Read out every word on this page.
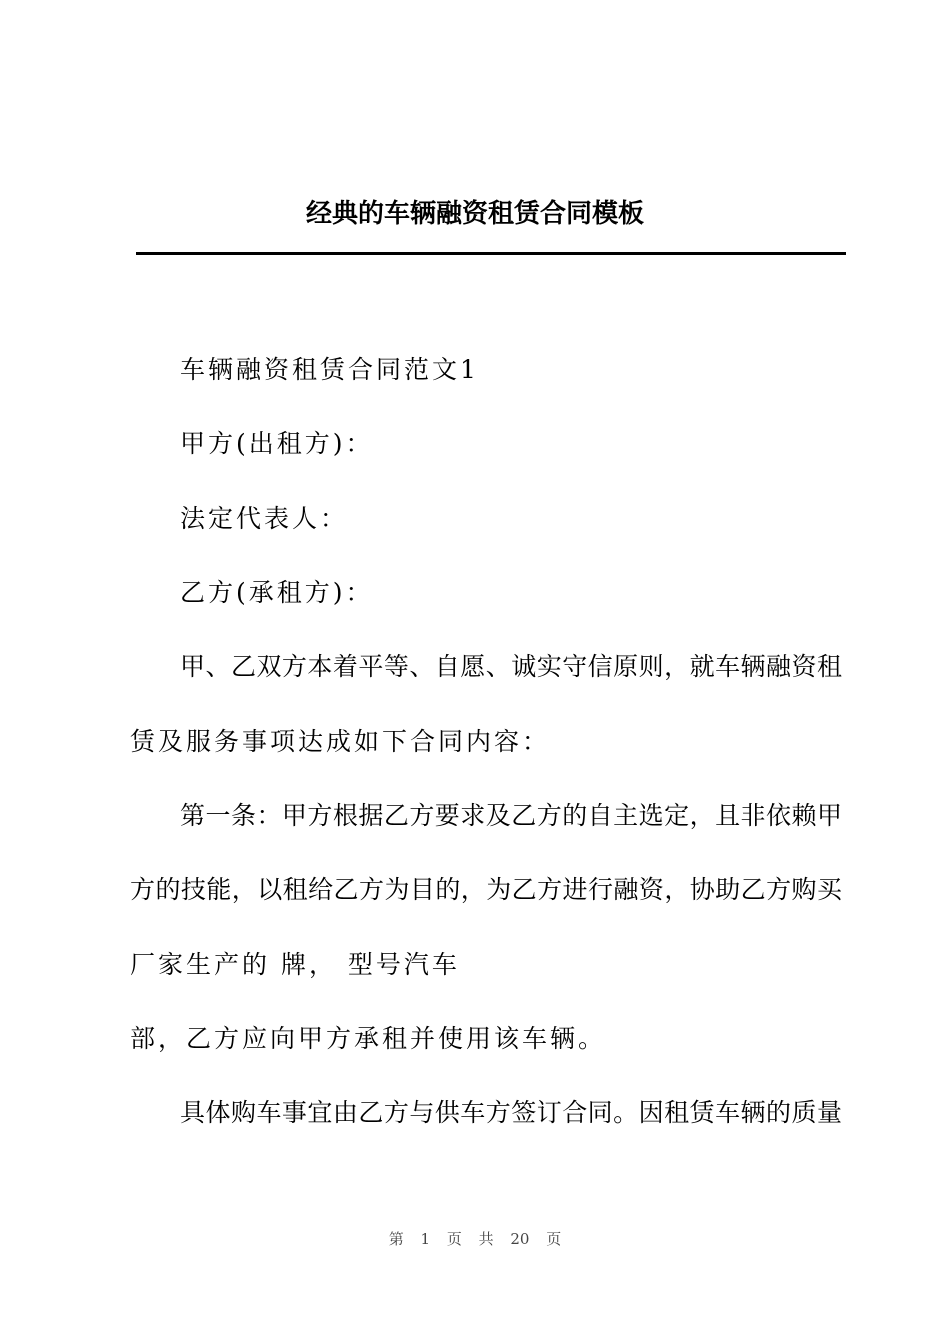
经典的车辆融资租赁合同模板
车辆融资租赁合同范文1
甲方(出租方)：
法定代表人：
乙方(承租方)：
甲、乙双方本着平等、自愿、诚实守信原则，就车辆融资租
赁及服务事项达成如下合同内容：
第一条：甲方根据乙方要求及乙方的自主选定，且非依赖甲
方的技能，以租给乙方为目的，为乙方进行融资，协助乙方购买
厂家生产的 牌， 型号汽车
部，乙方应向甲方承租并使用该车辆。
具体购车事宜由乙方与供车方签订合同。因租赁车辆的质量
第 1 页 共 20 页
